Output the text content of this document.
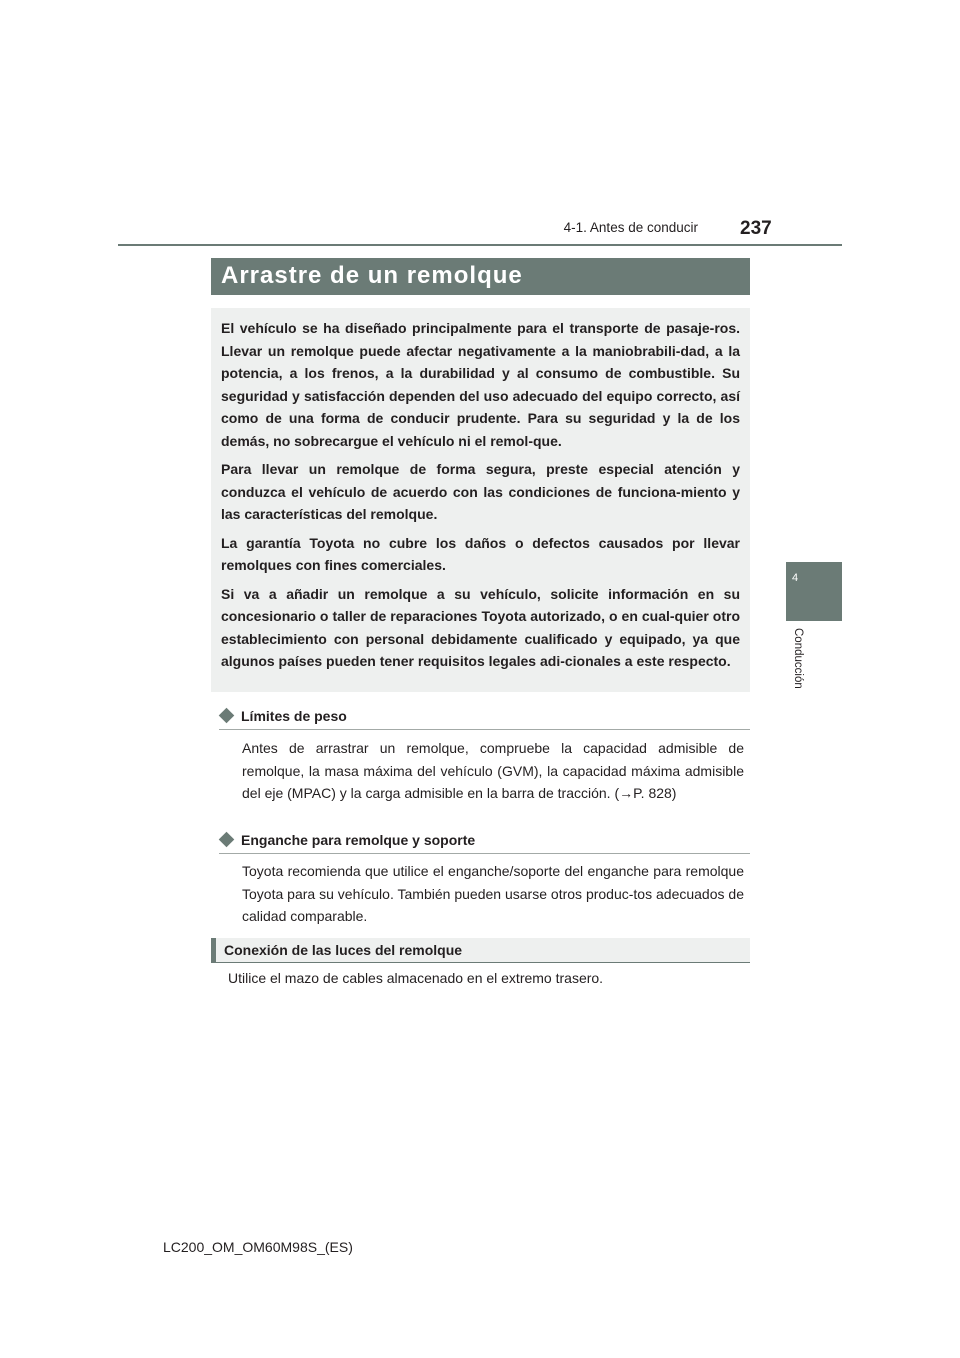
237
4-1. Antes de conducir
4
Conducción
Arrastre de un remolque

El vehículo se ha diseñado principalmente para el transporte de pasaje-ros. Llevar un remolque puede afectar negativamente a la maniobrabili-dad, a la potencia, a los frenos, a la durabilidad y al consumo de combustible. Su seguridad y satisfacción dependen del uso adecuado del equipo correcto, así como de una forma de conducir prudente. Para su seguridad y la de los demás, no sobrecargue el vehículo ni el remol-que.

Para llevar un remolque de forma segura, preste especial atención y conduzca el vehículo de acuerdo con las condiciones de funciona-miento y las características del remolque.

La garantía Toyota no cubre los daños o defectos causados por llevar remolques con fines comerciales.

Si va a añadir un remolque a su vehículo, solicite información en su concesionario o taller de reparaciones Toyota autorizado, o en cual-quier otro establecimiento con personal debidamente cualificado y equipado, ya que algunos países pueden tener requisitos legales adi-cionales a este respecto.

Límites de peso
Antes de arrastrar un remolque, compruebe la capacidad admisible de remolque, la masa máxima del vehículo (GVM), la capacidad máxima admisible del eje (MPAC) y la carga admisible en la barra de tracción. (→P. 828)
Enganche para remolque y soporte
Toyota recomienda que utilice el enganche/soporte del enganche para remolque Toyota para su vehículo. También pueden usarse otros produc-tos adecuados de calidad comparable.
Conexión de las luces del remolque
Utilice el mazo de cables almacenado en el extremo trasero.
LC200_OM_OM60M98S_(ES)
